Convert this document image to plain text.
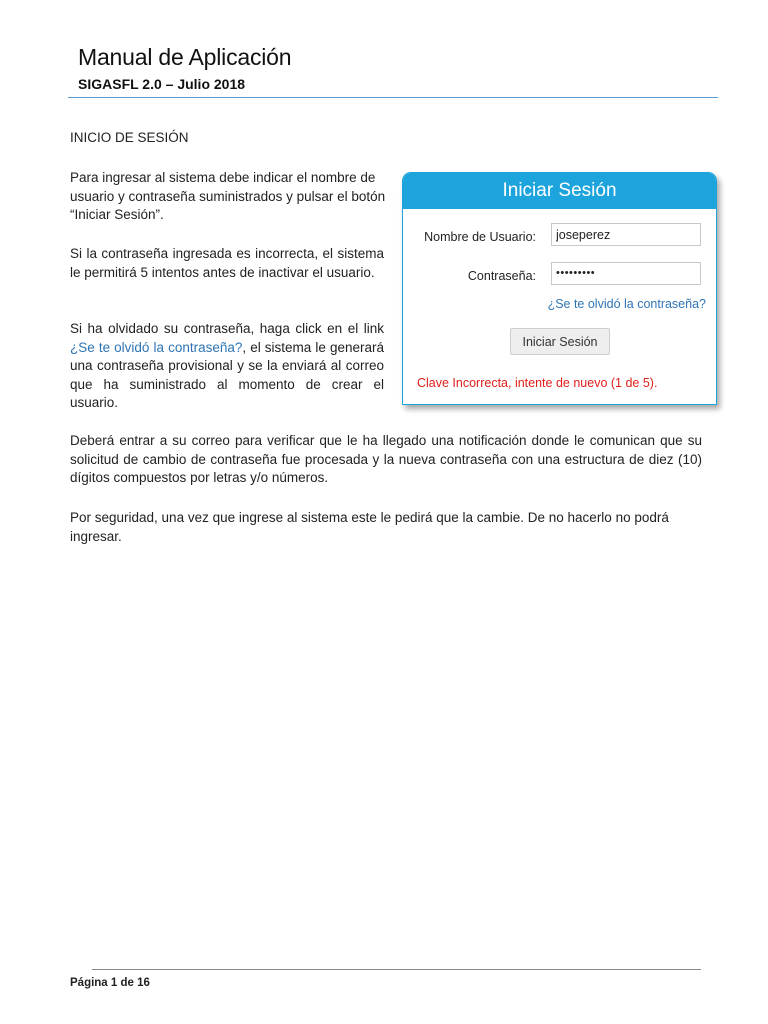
Manual de Aplicación

SIGASFL 2.0 – Julio 2018

INICIO DE SESIÓN

Para ingresar al sistema debe indicar el nombre de usuario y contraseña suministrados y pulsar el botón “Iniciar Sesión”.

Si la contraseña ingresada es incorrecta, el sistema le permitirá 5 intentos antes de inactivar el usuario.

Si ha olvidado su contraseña, haga click en el link ¿Se te olvidó la contraseña?, el sistema le generará una contraseña provisional y se la enviará al correo que ha suministrado al momento de crear el usuario.

Iniciar Sesión
Nombre de Usuario:
joseperez
Contraseña:	•••••••••
¿Se te olvidó la contraseña?
Iniciar Sesión
Clave Incorrecta, intente de nuevo (1 de 5).

Deberá entrar a su correo para verificar que le ha llegado una notificación donde le comunican que su solicitud de cambio de contraseña fue procesada y la nueva contraseña con una estructura de diez (10) dígitos compuestos por letras y/o números.

Por seguridad, una vez que ingrese al sistema este le pedirá que la cambie. De no hacerlo no podrá ingresar.

Página 1 de 16
